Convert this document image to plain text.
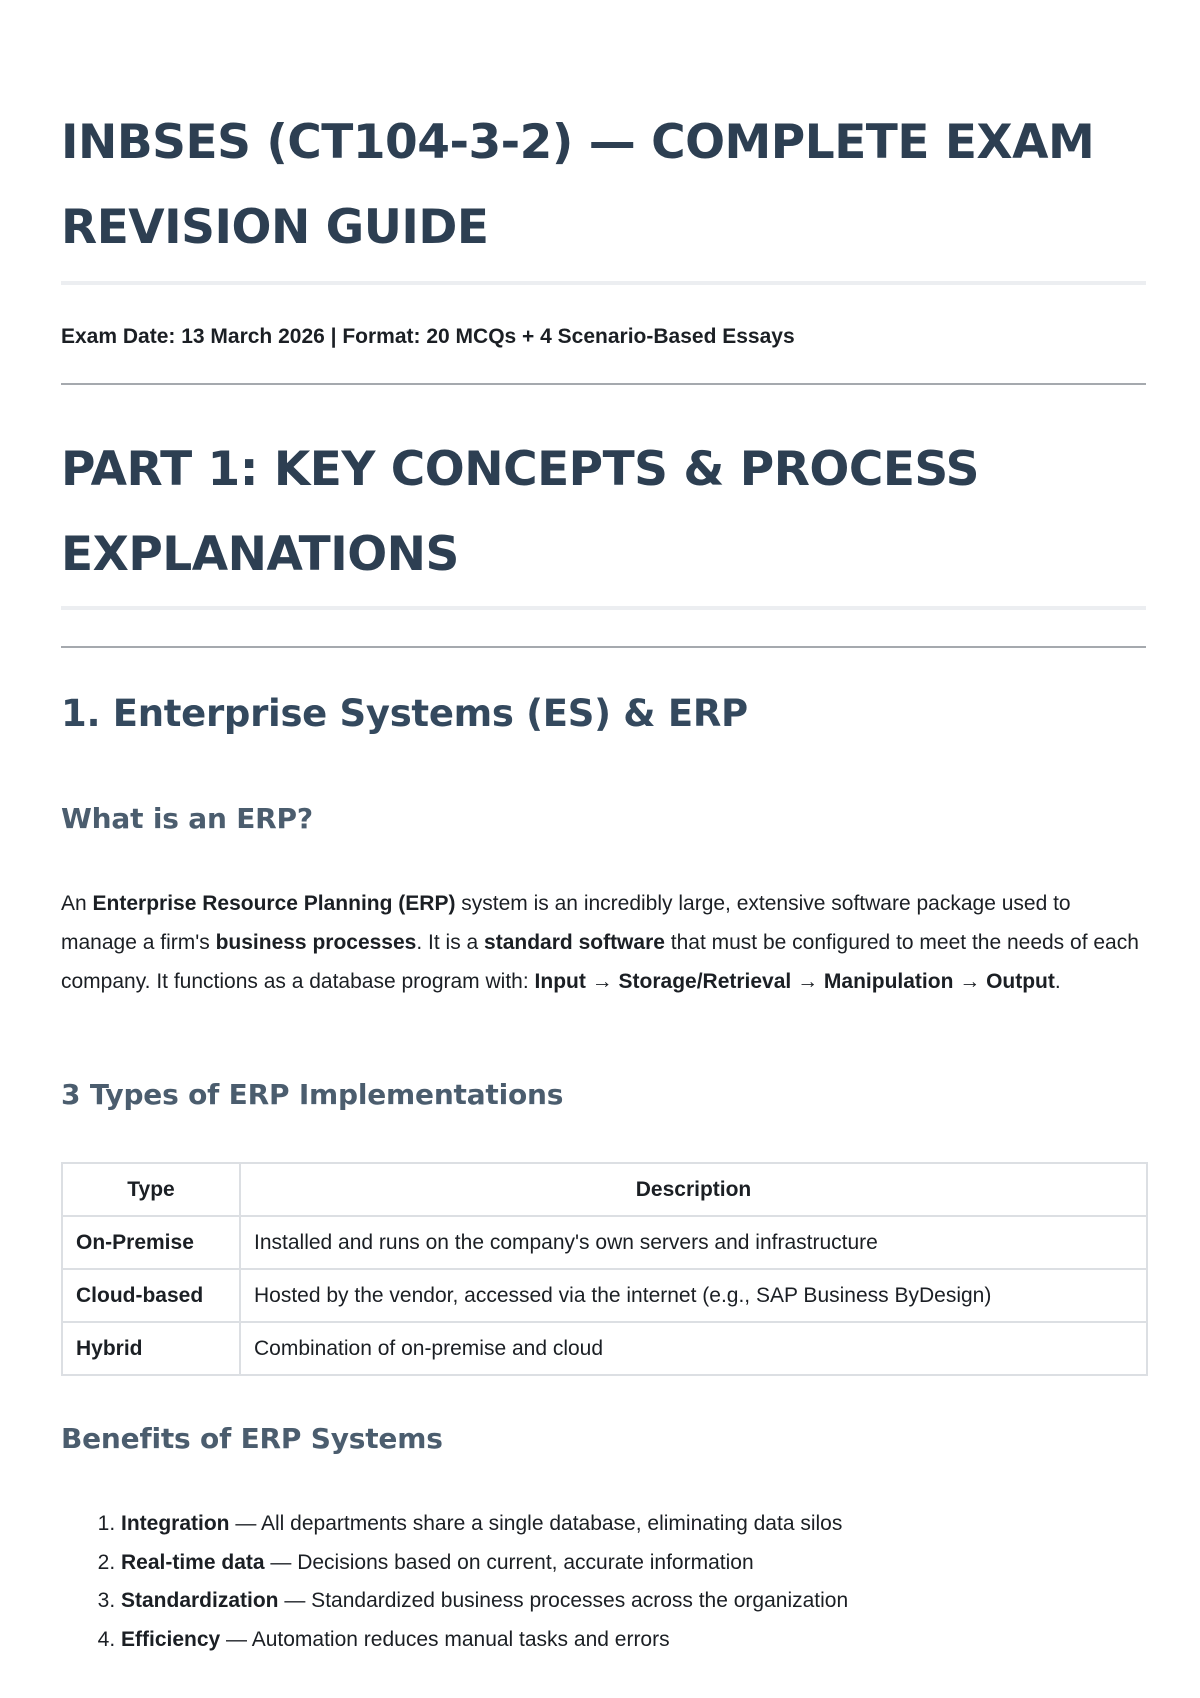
INBSES (CT104-3-2) — COMPLETE EXAM
REVISION GUIDE
Exam Date: 13 March 2026 | Format: 20 MCQs + 4 Scenario-Based Essays
PART 1: KEY CONCEPTS & PROCESS
EXPLANATIONS
1. Enterprise Systems (ES) & ERP
What is an ERP?

An Enterprise Resource Planning (ERP) system is an incredibly large, extensive software package used to manage a firm's business processes. It is a standard software that must be configured to meet the needs of each company. It functions as a database program with: Input → Storage/Retrieval → Manipulation → Output.

3 Types of ERP Implementations
Type	Description
On-Premise	Installed and runs on the company's own servers and infrastructure
Cloud-based	Hosted by the vendor, accessed via the internet (e.g., SAP Business ByDesign)
Hybrid	Combination of on-premise and cloud
Benefits of ERP Systems
1. Integration — All departments share a single database, eliminating data silos
2. Real-time data — Decisions based on current, accurate information
3. Standardization — Standardized business processes across the organization
4. Efficiency — Automation reduces manual tasks and errors
